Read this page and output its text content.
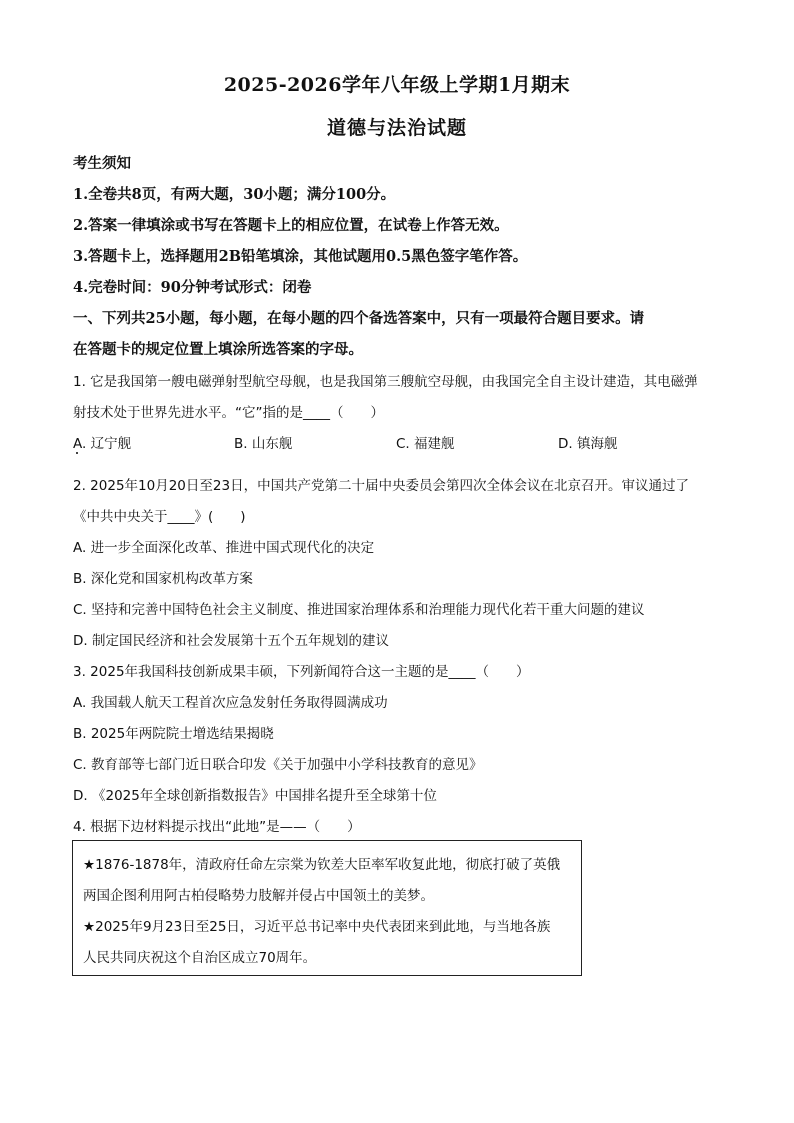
2025-2026学年八年级上学期1月期末
道德与法治试题
考生须知
1.全卷共8页，有两大题，30小题；满分100分。
2.答案一律填涂或书写在答题卡上的相应位置，在试卷上作答无效。
3.答题卡上，选择题用2B铅笔填涂，其他试题用0.5黑色签字笔作答。
4.完卷时间：90分钟考试形式：闭卷
一、下列共25小题，每小题，在每小题的四个备选答案中，只有一项最符合题目要求。请
在答题卡的规定位置上填涂所选答案的字母。
1. 它是我国第一艘电磁弹射型航空母舰，也是我国第三艘航空母舰，由我国完全自主设计建造，其电磁弹
射技术处于世界先进水平。“它”指的是____（　　）
A. 辽宁舰	B. 山东舰	C. 福建舰	D. 镇海舰
2. 2025年10月20日至23日，中国共产党第二十届中央委员会第四次全体会议在北京召开。审议通过了
《中共中央关于____》(　　)
A. 进一步全面深化改革、推进中国式现代化的决定
B. 深化党和国家机构改革方案
C. 坚持和完善中国特色社会主义制度、推进国家治理体系和治理能力现代化若干重大问题的建议
D. 制定国民经济和社会发展第十五个五年规划的建议
3. 2025年我国科技创新成果丰硕，下列新闻符合这一主题的是____（　　）
A. 我国载人航天工程首次应急发射任务取得圆满成功
B. 2025年两院院士增选结果揭晓
C. 教育部等七部门近日联合印发《关于加强中小学科技教育的意见》
D. 《2025年全球创新指数报告》中国排名提升至全球第十位
4. 根据下边材料提示找出“此地”是——（　　）
★1876-1878年，清政府任命左宗棠为钦差大臣率军收复此地，彻底打破了英俄
两国企图利用阿古柏侵略势力肢解并侵占中国领土的美梦。
★2025年9月23日至25日，习近平总书记率中央代表团来到此地，与当地各族
人民共同庆祝这个自治区成立70周年。
